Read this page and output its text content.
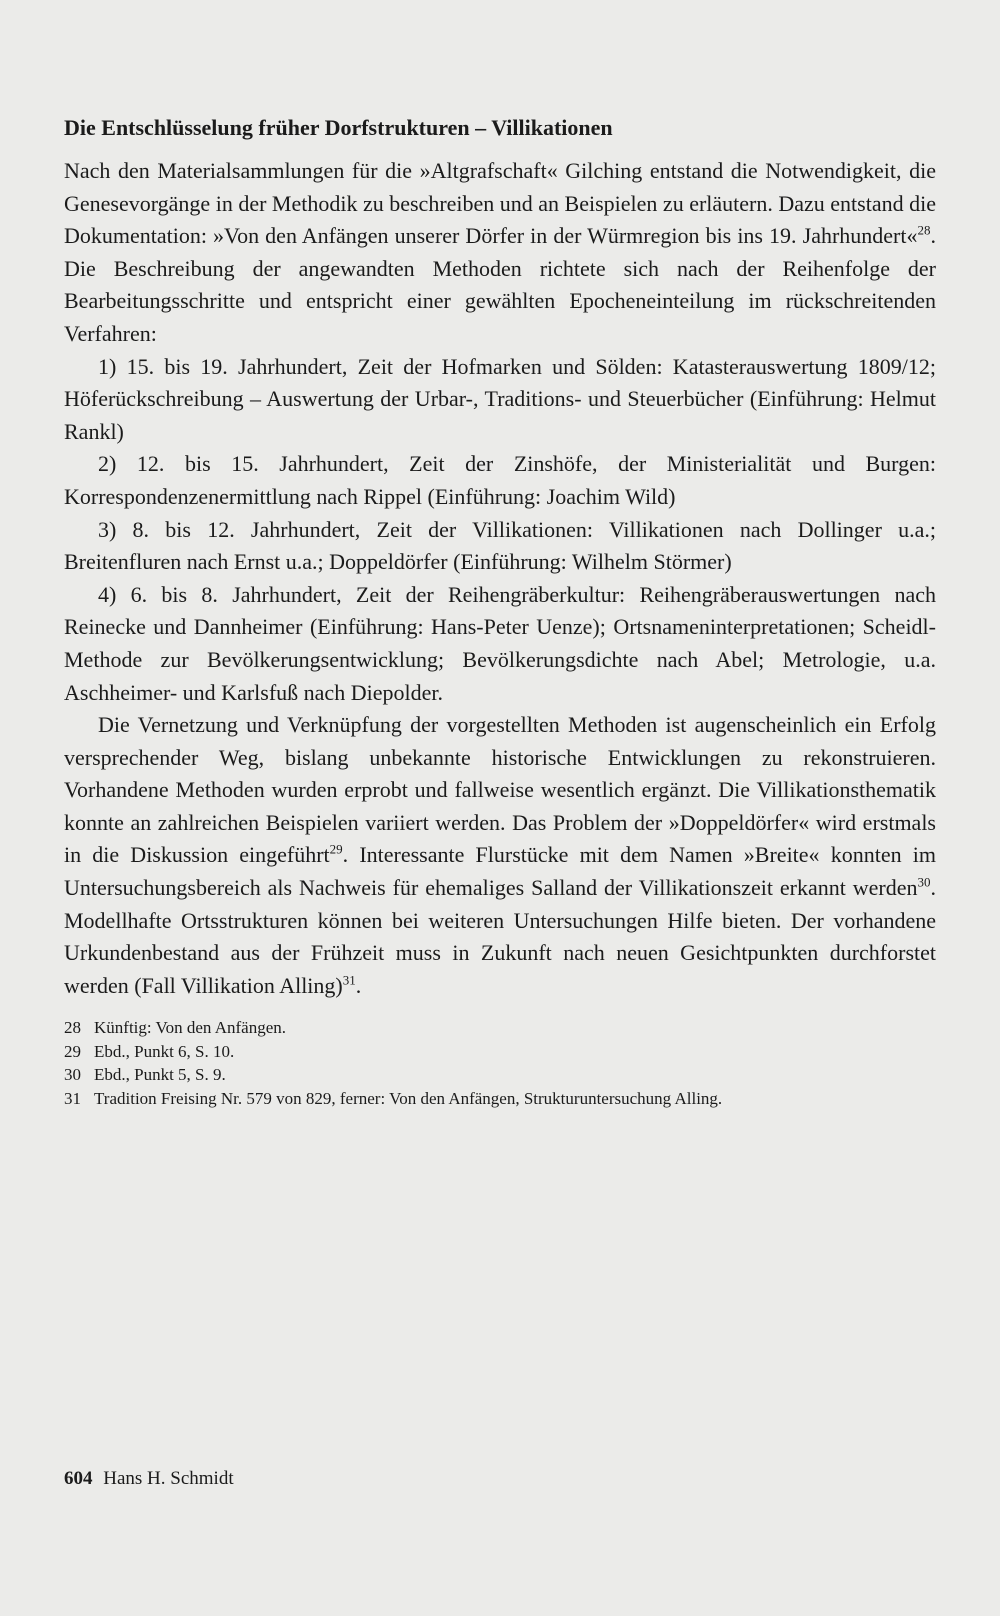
Die Entschlüsselung früher Dorfstrukturen – Villikationen

Nach den Materialsammlungen für die »Altgrafschaft« Gilching entstand die Notwendigkeit, die Genesevorgänge in der Methodik zu beschreiben und an Beispielen zu erläutern. Dazu entstand die Dokumentation: »Von den Anfängen unserer Dörfer in der Würmregion bis ins 19. Jahrhundert«$^{28}$. Die Beschreibung der angewandten Methoden richtete sich nach der Reihenfolge der Bearbeitungsschritte und entspricht einer gewählten Epocheneinteilung im rückschreitenden Verfahren:

1) 15. bis 19. Jahrhundert, Zeit der Hofmarken und Sölden: Katasterauswertung 1809/12; Höferückschreibung – Auswertung der Urbar-, Traditions- und Steuerbücher (Einführung: Helmut Rankl)

2) 12. bis 15. Jahrhundert, Zeit der Zinshöfe, der Ministerialität und Burgen: Korrespondenzenermittlung nach Rippel (Einführung: Joachim Wild)

3) 8. bis 12. Jahrhundert, Zeit der Villikationen: Villikationen nach Dollinger u.a.; Breitenfluren nach Ernst u.a.; Doppeldörfer (Einführung: Wilhelm Störmer)

4) 6. bis 8. Jahrhundert, Zeit der Reihengräberkultur: Reihengräberauswertungen nach Reinecke und Dannheimer (Einführung: Hans-Peter Uenze); Ortsnameninterpretationen; Scheidl-Methode zur Bevölkerungsentwicklung; Bevölkerungsdichte nach Abel; Metrologie, u.a. Aschheimer- und Karlsfuß nach Diepolder.

Die Vernetzung und Verknüpfung der vorgestellten Methoden ist augenscheinlich ein Erfolg versprechender Weg, bislang unbekannte historische Entwicklungen zu rekonstruieren. Vorhandene Methoden wurden erprobt und fallweise wesentlich ergänzt. Die Villikationsthematik konnte an zahlreichen Beispielen variiert werden. Das Problem der »Doppeldörfer« wird erstmals in die Diskussion eingeführt$^{29}$. Interessante Flurstücke mit dem Namen »Breite« konnten im Untersuchungsbereich als Nachweis für ehemaliges Salland der Villikationszeit erkannt werden$^{30}$. Modellhafte Ortsstrukturen können bei weiteren Untersuchungen Hilfe bieten. Der vorhandene Urkundenbestand aus der Frühzeit muss in Zukunft nach neuen Gesichtpunkten durchforstet werden (Fall Villikation Alling)$^{31}$.

28 Künftig: Von den Anfängen.
29 Ebd., Punkt 6, S. 10.
30 Ebd., Punkt 5, S. 9.
31 Tradition Freising Nr. 579 von 829, ferner: Von den Anfängen, Strukturuntersuchung Alling.
604 Hans H. Schmidt
